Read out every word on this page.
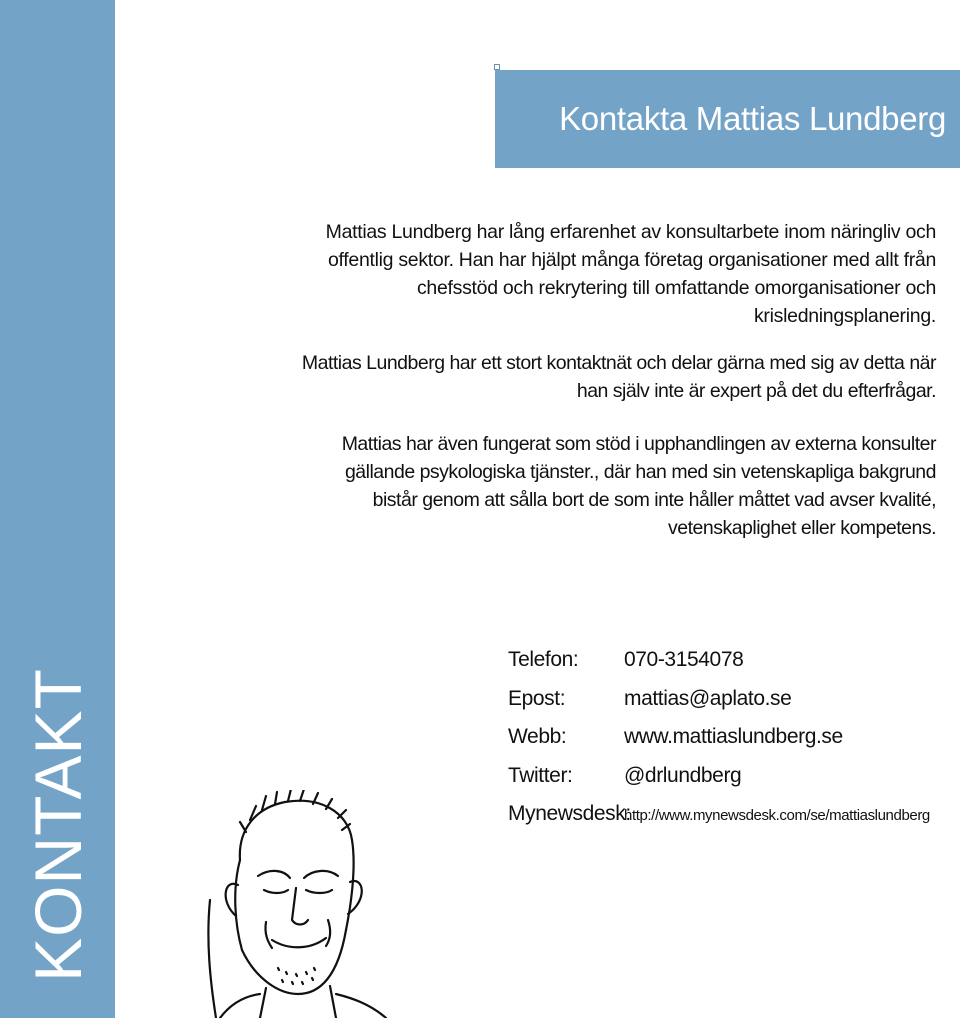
KONTAKT
Kontakta Mattias Lundberg
Mattias Lundberg har lång erfarenhet av konsultarbete inom näringliv och offentlig sektor. Han har hjälpt många företag organisationer med allt från chefsstöd och rekrytering till omfattande omorganisationer och krisledningsplanering.
Mattias Lundberg har ett stort kontaktnät och delar gärna med sig av detta när han själv inte är expert på det du efterfrågar.
Mattias har även fungerat som stöd i upphandlingen av externa konsulter gällande psykologiska tjänster., där han med sin vetenskapliga bakgrund bistår genom att sålla bort de som inte håller måttet vad avser kvalité, vetenskaplighet eller kompetens.
Telefon:	070-3154078
Epost:	mattias@aplato.se
Webb:	www.mattiaslundberg.se
Twitter:	@drlundberg
Mynewsdesk:
http://www.mynewsdesk.com/se/mattiaslundberg
